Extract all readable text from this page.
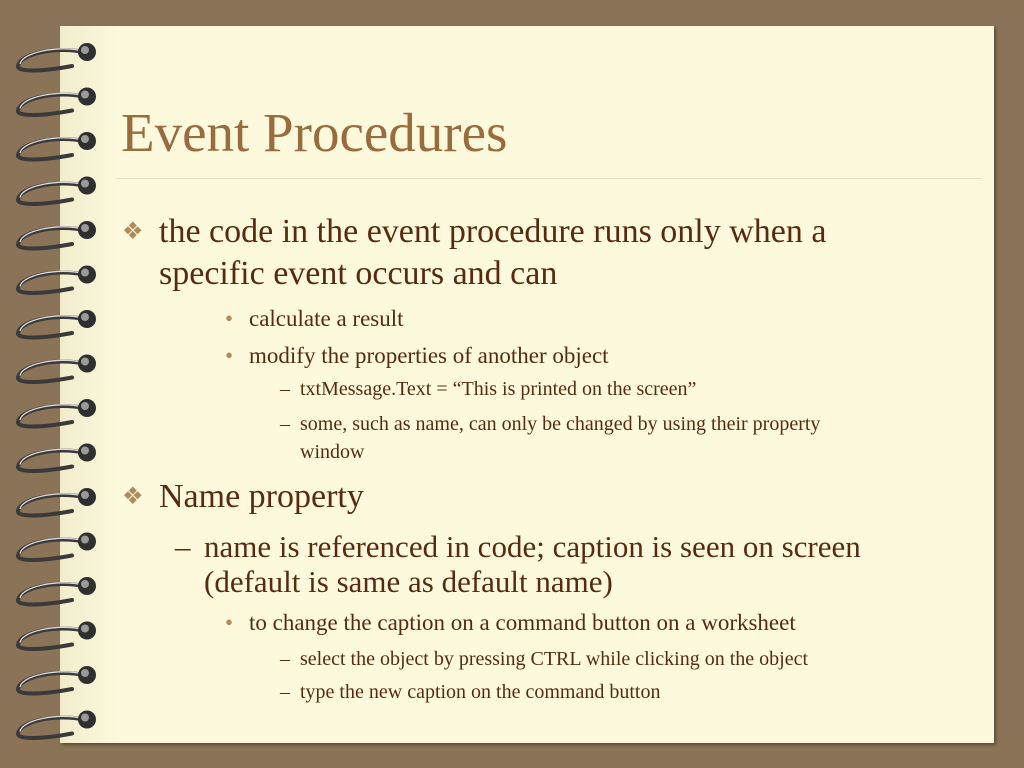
Event Procedures
❖ the code in the event procedure runs only when a
specific event occurs and can
• calculate a result
• modify the properties of another object
– txtMessage.Text = “This is printed on the screen”
– some, such as name, can only be changed by using their property
window
❖ Name property
– name is referenced in code; caption is seen on screen
(default is same as default name)
• to change the caption on a command button on a worksheet
– select the object by pressing CTRL while clicking on the object
– type the new caption on the command button
